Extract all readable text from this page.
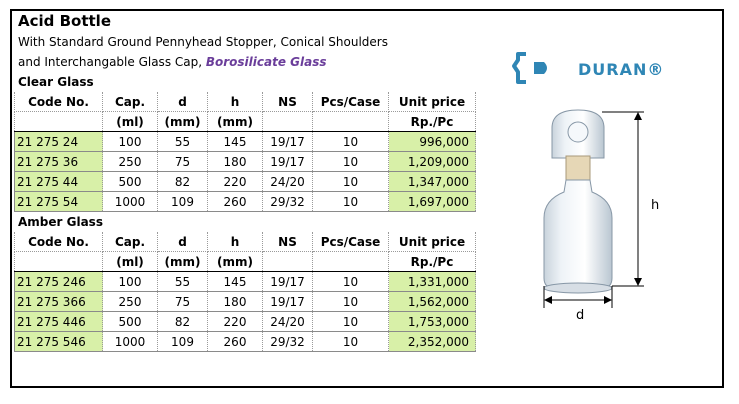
Acid Bottle
With Standard Ground Pennyhead Stopper, Conical Shoulders
and Interchangable Glass Cap, Borosilicate Glass
Clear Glass
Code No.	Cap.	d	h	NS	Pcs/Case	Unit price
	(ml)	(mm)	(mm)			Rp./Pc
21 275 24	100	55	145	19/17	10	996,000
21 275 36	250	75	180	19/17	10	1,209,000
21 275 44	500	82	220	24/20	10	1,347,000
21 275 54	1000	109	260	29/32	10	1,697,000
Amber Glass
Code No.	Cap.	d	h	NS	Pcs/Case	Unit price
	(ml)	(mm)	(mm)			Rp./Pc
21 275 246	100	55	145	19/17	10	1,331,000
21 275 366	250	75	180	19/17	10	1,562,000
21 275 446	500	82	220	24/20	10	1,753,000
21 275 546	1000	109	260	29/32	10	2,352,000
DURAN®
h
d
